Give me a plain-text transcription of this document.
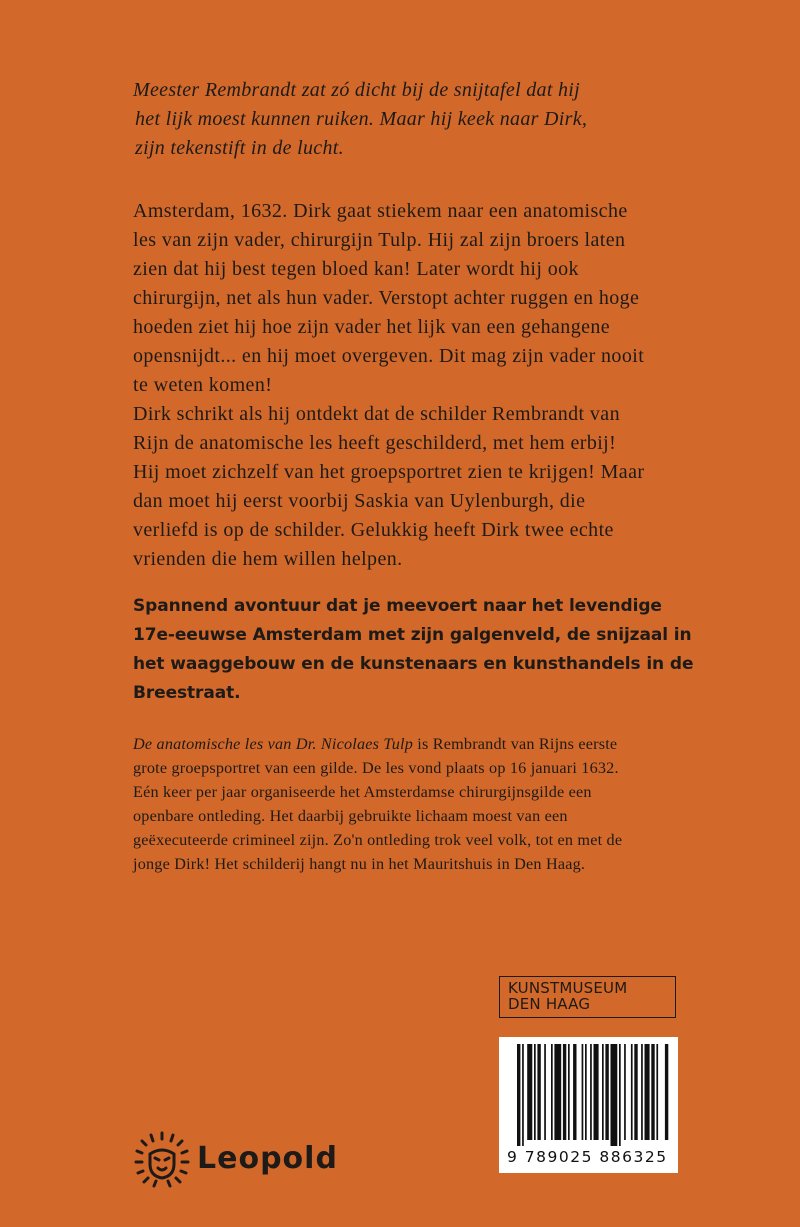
Meester Rembrandt zat zó dicht bij de snijtafel dat hij
het lijk moest kunnen ruiken. Maar hij keek naar Dirk,
zijn tekenstift in de lucht.
Amsterdam, 1632. Dirk gaat stiekem naar een anatomische
les van zijn vader, chirurgijn Tulp. Hij zal zijn broers laten
zien dat hij best tegen bloed kan! Later wordt hij ook
chirurgijn, net als hun vader. Verstopt achter ruggen en hoge
hoeden ziet hij hoe zijn vader het lijk van een gehangene
opensnijdt... en hij moet overgeven. Dit mag zijn vader nooit
te weten komen!
Dirk schrikt als hij ontdekt dat de schilder Rembrandt van
Rijn de anatomische les heeft geschilderd, met hem erbij!
Hij moet zichzelf van het groepsportret zien te krijgen! Maar
dan moet hij eerst voorbij Saskia van Uylenburgh, die
verliefd is op de schilder. Gelukkig heeft Dirk twee echte
vrienden die hem willen helpen.
Spannend avontuur dat je meevoert naar het levendige
17e-eeuwse Amsterdam met zijn galgenveld, de snijzaal in
het waaggebouw en de kunstenaars en kunsthandels in de
Breestraat.
De anatomische les van Dr. Nicolaes Tulp is Rembrandt van Rijns eerste
grote groepsportret van een gilde. De les vond plaats op 16 januari 1632.
Eén keer per jaar organiseerde het Amsterdamse chirurgijnsgilde een
openbare ontleding. Het daarbij gebruikte lichaam moest van een
geëxecuteerde crimineel zijn. Zo'n ontleding trok veel volk, tot en met de
jonge Dirk! Het schilderij hangt nu in het Mauritshuis in Den Haag.
KUNSTMUSEUM
DEN HAAG
9 789025 886325
Leopold
